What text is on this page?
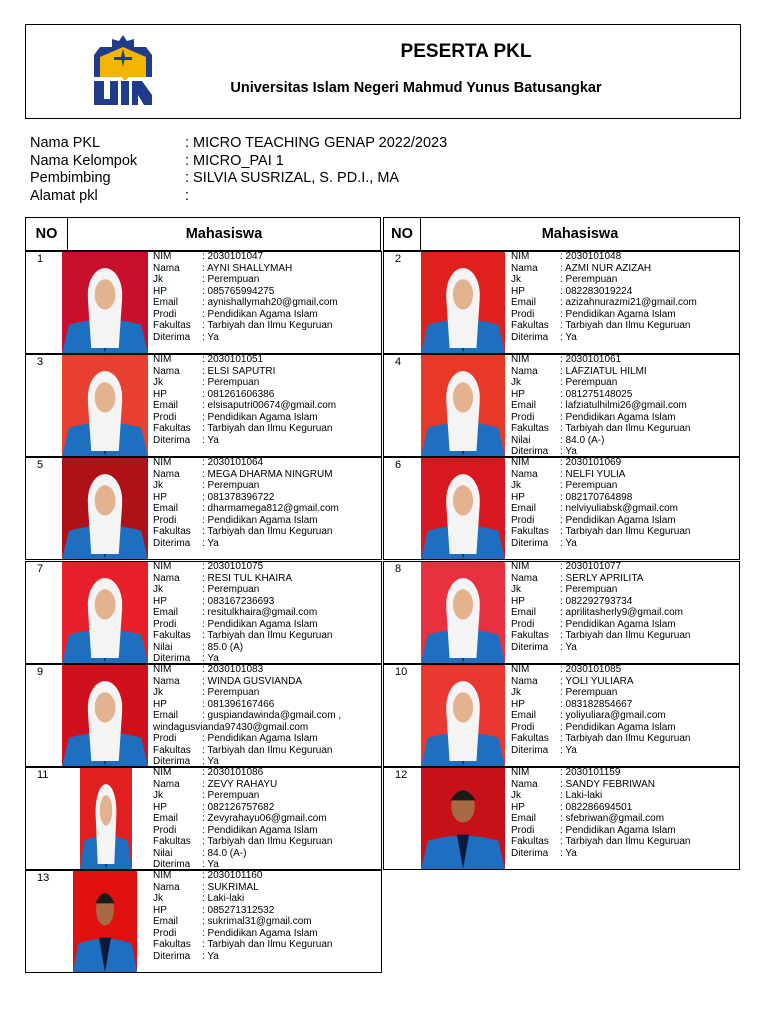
PESERTA PKL
Universitas Islam Negeri Mahmud Yunus Batusangkar
Nama PKL	: MICRO TEACHING GENAP 2022/2023
Nama Kelompok	: MICRO_PAI 1
Pembimbing	: SILVIA SUSRIZAL, S. PD.I., MA
Alamat pkl	:
NO	Mahasiswa	NO	Mahasiswa
1	NIM	: 2030101047
Nama	: AYNI SHALLYMAH
Jk	: Perempuan
HP	: 085765994275
Email	: aynishallymah20@gmail.com
Prodi	: Pendidikan Agama Islam
Fakultas	: Tarbiyah dan Ilmu Keguruan
Diterima	: Ya
2	NIM	: 2030101048
Nama	: AZMI NUR AZIZAH
Jk	: Perempuan
HP	: 082283019224
Email	: azizahnurazmi21@gmail.com
Prodi	: Pendidikan Agama Islam
Fakultas	: Tarbiyah dan Ilmu Keguruan
Diterima	: Ya
3	NIM	: 2030101051
Nama	: ELSI SAPUTRI
Jk	: Perempuan
HP	: 081261606386
Email	: elsisaputri00674@gmail.com
Prodi	: Pendidikan Agama Islam
Fakultas	: Tarbiyah dan Ilmu Keguruan
Diterima	: Ya
4	NIM	: 2030101061
Nama	: LAFZIATUL HILMI
Jk	: Perempuan
HP	: 081275148025
Email	: lafziatulhilmi26@gmail.com
Prodi	: Pendidikan Agama Islam
Fakultas	: Tarbiyah dan Ilmu Keguruan
Nilai	: 84.0 (A-)
Diterima	: Ya
5	NIM	: 2030101064
Nama	: MEGA DHARMA NINGRUM
Jk	: Perempuan
HP	: 081378396722
Email	: dharmamega812@gmail.com
Prodi	: Pendidikan Agama Islam
Fakultas	: Tarbiyah dan Ilmu Keguruan
Diterima	: Ya
6	NIM	: 2030101069
Nama	: NELFI YULIA
Jk	: Perempuan
HP	: 082170764898
Email	: nelviyuliabsk@gmail.com
Prodi	: Pendidikan Agama Islam
Fakultas	: Tarbiyah dan Ilmu Keguruan
Diterima	: Ya
7	NIM	: 2030101075
Nama	: RESI TUL KHAIRA
Jk	: Perempuan
HP	: 083167236693
Email	: resitulkhaira@gmail.com
Prodi	: Pendidikan Agama Islam
Fakultas	: Tarbiyah dan Ilmu Keguruan
Nilai	: 85.0 (A)
Diterima	: Ya
8	NIM	: 2030101077
Nama	: SERLY APRILITA
Jk	: Perempuan
HP	: 082292793734
Email	: aprilitasherly9@gmail.com
Prodi	: Pendidikan Agama Islam
Fakultas	: Tarbiyah dan Ilmu Keguruan
Diterima	: Ya
9	NIM	: 2030101083
Nama	: WINDA GUSVIANDA
Jk	: Perempuan
HP	: 081396167466
Email	: guspiandawinda@gmail.com ,
windagusvianda97430@gmail.com
Prodi	: Pendidikan Agama Islam
Fakultas	: Tarbiyah dan Ilmu Keguruan
Diterima	: Ya
10	NIM	: 2030101085
Nama	: YOLI YULIARA
Jk	: Perempuan
HP	: 083182854667
Email	: yoliyuliara@gmail.com
Prodi	: Pendidikan Agama Islam
Fakultas	: Tarbiyah dan Ilmu Keguruan
Diterima	: Ya
11	NIM	: 2030101086
Nama	: ZEVY RAHAYU
Jk	: Perempuan
HP	: 082126757682
Email	: Zevyrahayu06@gmail.com
Prodi	: Pendidikan Agama Islam
Fakultas	: Tarbiyah dan Ilmu Keguruan
Nilai	: 84.0 (A-)
Diterima	: Ya
12	NIM	: 2030101159
Nama	: SANDY FEBRIWAN
Jk	: Laki-laki
HP	: 082286694501
Email	: sfebriwan@gmail.com
Prodi	: Pendidikan Agama Islam
Fakultas	: Tarbiyah dan Ilmu Keguruan
Diterima	: Ya
13	NIM	: 2030101160
Nama	: SUKRIMAL
Jk	: Laki-laki
HP	: 085271312532
Email	: sukrimal31@gmail.com
Prodi	: Pendidikan Agama Islam
Fakultas	: Tarbiyah dan Ilmu Keguruan
Diterima	: Ya
